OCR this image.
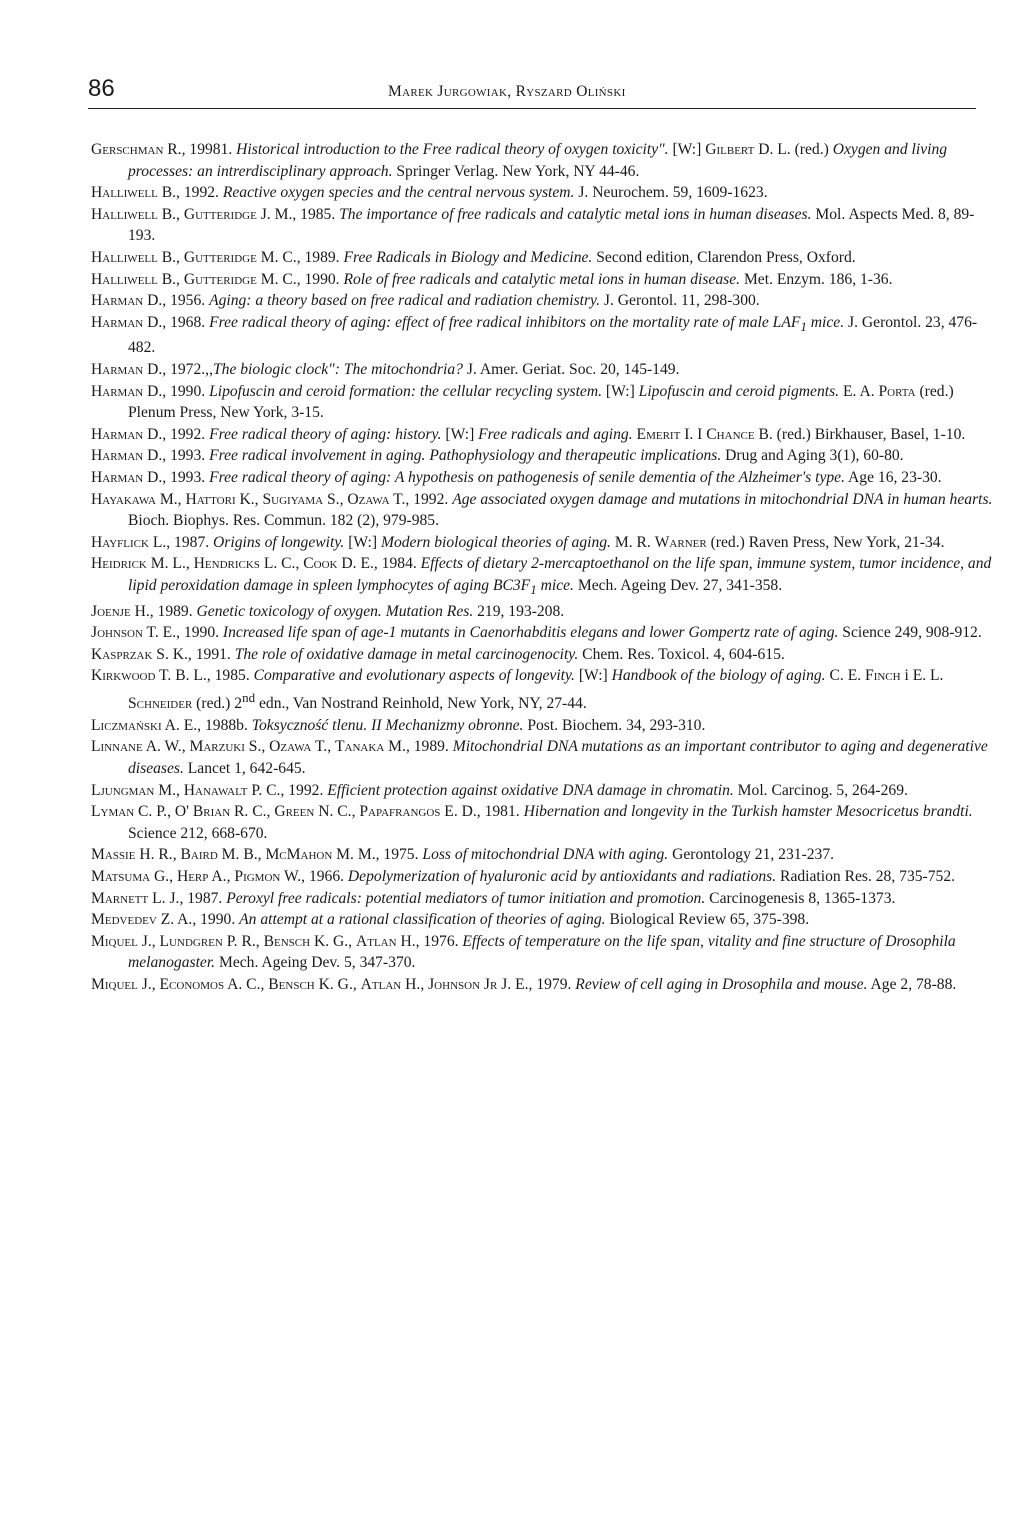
86	Marek Jurgowiak, Ryszard Oliński

Gerschman R., 19981. Historical introduction to the Free radical theory of oxygen toxicity". [W:] Gilbert D. L. (red.) Oxygen and living processes: an intrerdisciplinary approach. Springer Verlag. New York, NY 44-46.

Halliwell B., 1992. Reactive oxygen species and the central nervous system. J. Neurochem. 59, 1609-1623.

Halliwell B., Gutteridge J. M., 1985. The importance of free radicals and catalytic metal ions in human diseases. Mol. Aspects Med. 8, 89-193.

Halliwell B., Gutteridge M. C., 1989. Free Radicals in Biology and Medicine. Second edition, Clarendon Press, Oxford.

Halliwell B., Gutteridge M. C., 1990. Role of free radicals and catalytic metal ions in human disease. Met. Enzym. 186, 1-36.

Harman D., 1956. Aging: a theory based on free radical and radiation chemistry. J. Gerontol. 11, 298-300.

Harman D., 1968. Free radical theory of aging: effect of free radical inhibitors on the mortality rate of male $LAF_1$ mice. J. Gerontol. 23, 476-482.

Harman D., 1972.,,The biologic clock": The mitochondria? J. Amer. Geriat. Soc. 20, 145-149.

Harman D., 1990. Lipofuscin and ceroid formation: the cellular recycling system. [W:] Lipofuscin and ceroid pigments. E. A. Porta (red.) Plenum Press, New York, 3-15.

Harman D., 1992. Free radical theory of aging: history. [W:] Free radicals and aging. Emerit I. I Chance B. (red.) Birkhauser, Basel, 1-10.

Harman D., 1993. Free radical involvement in aging. Pathophysiology and therapeutic implications. Drug and Aging 3(1), 60-80.

Harman D., 1993. Free radical theory of aging: A hypothesis on pathogenesis of senile dementia of the Alzheimer's type. Age 16, 23-30.

Hayakawa M., Hattori K., Sugiyama S., Ozawa T., 1992. Age associated oxygen damage and mutations in mitochondrial DNA in human hearts. Bioch. Biophys. Res. Commun. 182 (2), 979-985.

Hayflick L., 1987. Origins of longewity. [W:] Modern biological theories of aging. M. R. Warner (red.) Raven Press, New York, 21-34.

Heidrick M. L., Hendricks L. C., Cook D. E., 1984. Effects of dietary 2-mercaptoethanol on the life span, immune system, tumor incidence, and lipid peroxidation damage in spleen lymphocytes of aging $BC3F_1$ mice. Mech. Ageing Dev. 27, 341-358.

Joenje H., 1989. Genetic toxicology of oxygen. Mutation Res. 219, 193-208.

Johnson T. E., 1990. Increased life span of age-1 mutants in Caenorhabditis elegans and lower Gompertz rate of aging. Science 249, 908-912.

Kasprzak S. K., 1991. The role of oxidative damage in metal carcinogenocity. Chem. Res. Toxicol. 4, 604-615.

Kirkwood T. B. L., 1985. Comparative and evolutionary aspects of longevity. [W:] Handbook of the biology of aging. C. E. Finch i E. L. Schneider (red.) 2nd edn., Van Nostrand Reinhold, New York, NY, 27-44.

Liczmański A. E., 1988b. Toksyczność tlenu. II Mechanizmy obronne. Post. Biochem. 34, 293-310.

Linnane A. W., Marzuki S., Ozawa T., Tanaka M., 1989. Mitochondrial DNA mutations as an important contributor to aging and degenerative diseases. Lancet 1, 642-645.

Ljungman M., Hanawalt P. C., 1992. Efficient protection against oxidative DNA damage in chromatin. Mol. Carcinog. 5, 264-269.

Lyman C. P., O' Brian R. C., Green N. C., Papafrangos E. D., 1981. Hibernation and longevity in the Turkish hamster Mesocricetus brandti. Science 212, 668-670.

Massie H. R., Baird M. B., McMahon M. M., 1975. Loss of mitochondrial DNA with aging. Gerontology 21, 231-237.

Matsuma G., Herp A., Pigmon W., 1966. Depolymerization of hyaluronic acid by antioxidants and radiations. Radiation Res. 28, 735-752.

Marnett L. J., 1987. Peroxyl free radicals: potential mediators of tumor initiation and promotion. Carcinogenesis 8, 1365-1373.

Medvedev Z. A., 1990. An attempt at a rational classification of theories of aging. Biological Review 65, 375-398.

Miquel J., Lundgren P. R., Bensch K. G., Atlan H., 1976. Effects of temperature on the life span, vitality and fine structure of Drosophila melanogaster. Mech. Ageing Dev. 5, 347-370.

Miquel J., Economos A. C., Bensch K. G., Atlan H., Johnson Jr J. E., 1979. Review of cell aging in Drosophila and mouse. Age 2, 78-88.
